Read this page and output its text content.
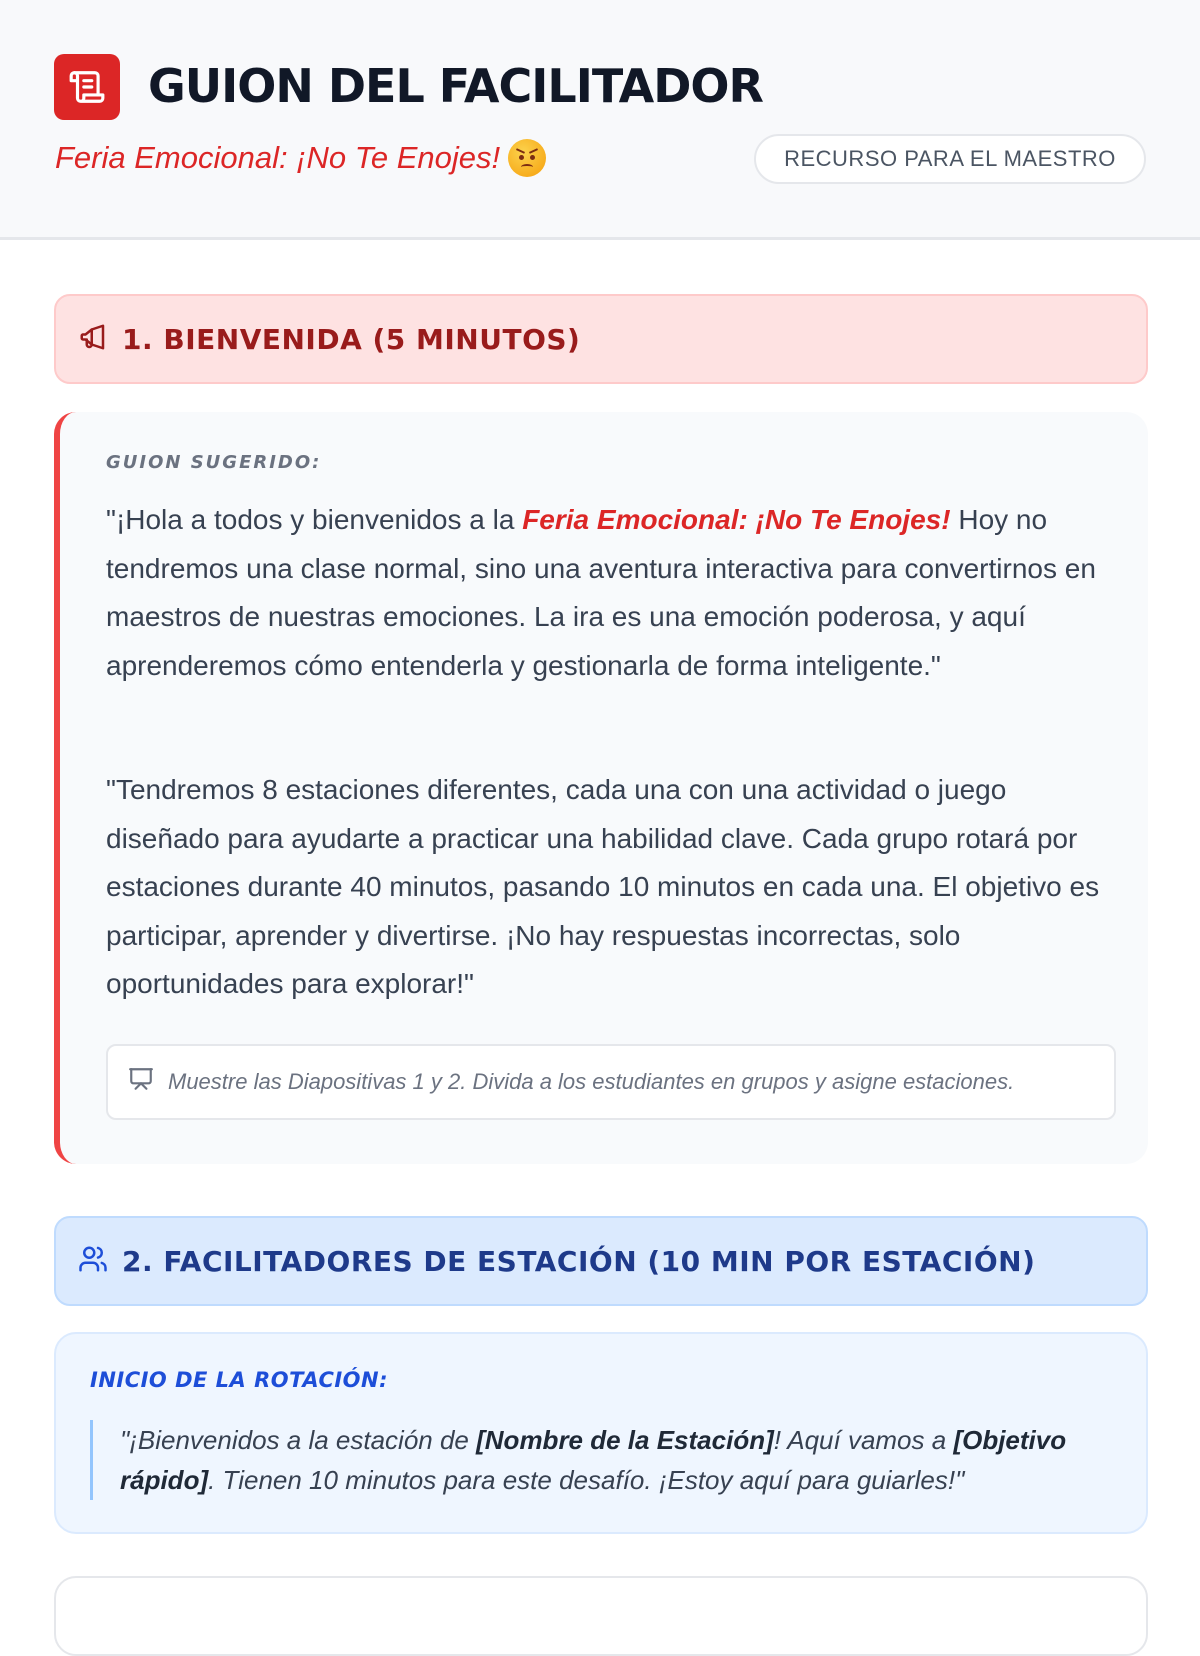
GUION DEL FACILITADOR
Feria Emocional: ¡No Te Enojes!	RECURSO PARA EL MAESTRO
1. BIENVENIDA (5 MINUTOS)
GUION SUGERIDO:
"¡Hola a todos y bienvenidos a la Feria Emocional: ¡No Te Enojes! Hoy no tendremos una clase normal, sino una aventura interactiva para convertirnos en maestros de nuestras emociones. La ira es una emoción poderosa, y aquí aprenderemos cómo entenderla y gestionarla de forma inteligente."
"Tendremos 8 estaciones diferentes, cada una con una actividad o juego diseñado para ayudarte a practicar una habilidad clave. Cada grupo rotará por estaciones durante 40 minutos, pasando 10 minutos en cada una. El objetivo es participar, aprender y divertirse. ¡No hay respuestas incorrectas, solo oportunidades para explorar!"
Muestre las Diapositivas 1 y 2. Divida a los estudiantes en grupos y asigne estaciones.
2. FACILITADORES DE ESTACIÓN (10 MIN POR ESTACIÓN)
INICIO DE LA ROTACIÓN:
"¡Bienvenidos a la estación de [Nombre de la Estación]! Aquí vamos a [Objetivo rápido]. Tienen 10 minutos para este desafío. ¡Estoy aquí para guiarles!"
